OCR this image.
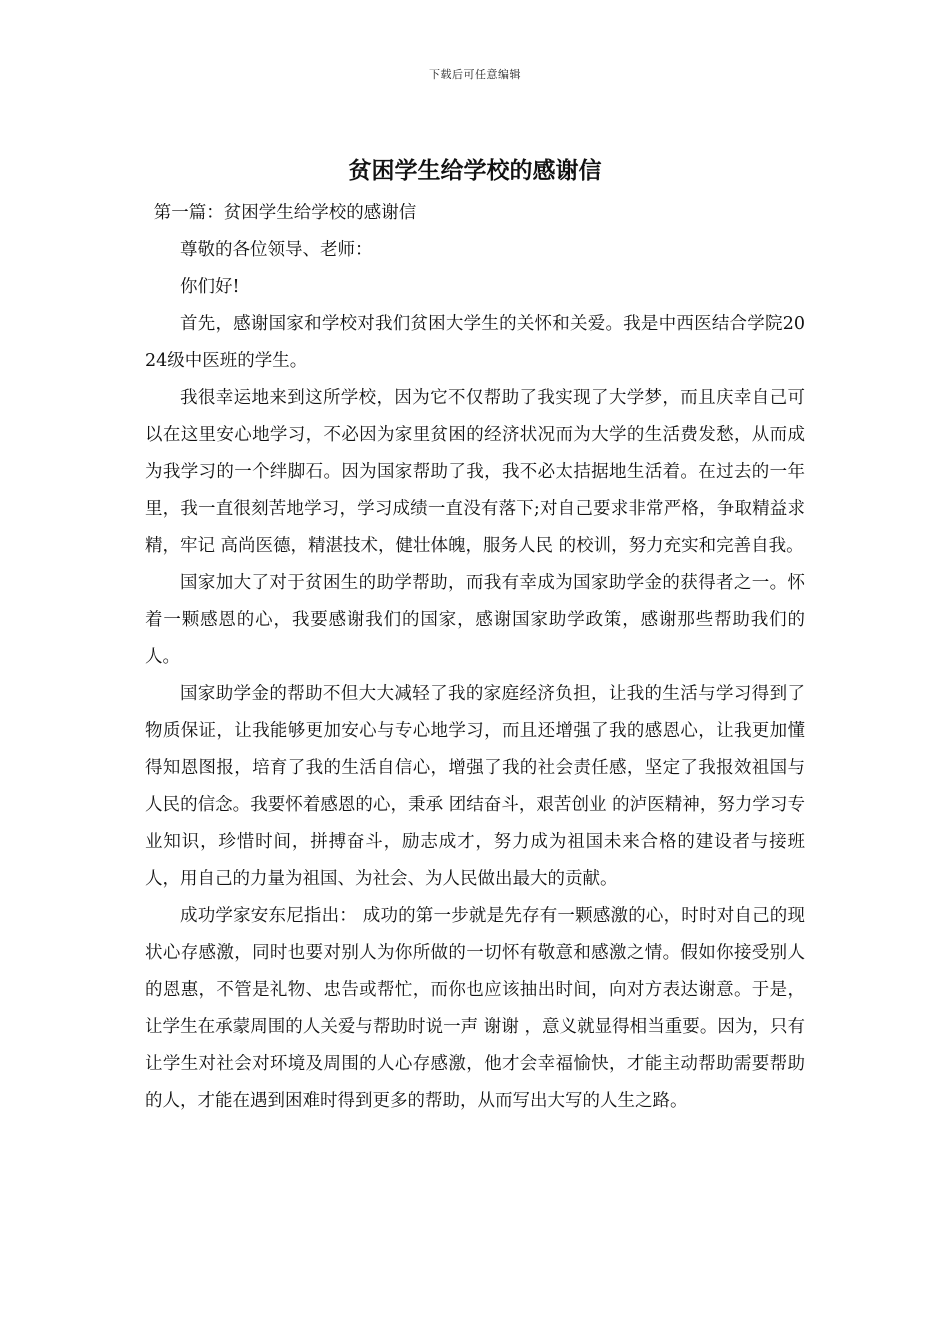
下载后可任意编辑
贫困学生给学校的感谢信

第一篇：贫困学生给学校的感谢信

尊敬的各位领导、老师：

你们好!

首先，感谢国家和学校对我们贫困大学生的关怀和关爱。我是中西医结合学院2024级中医班的学生。

我很幸运地来到这所学校，因为它不仅帮助了我实现了大学梦，而且庆幸自己可以在这里安心地学习，不必因为家里贫困的经济状况而为大学的生活费发愁，从而成为我学习的一个绊脚石。因为国家帮助了我，我不必太拮据地生活着。在过去的一年里，我一直很刻苦地学习，学习成绩一直没有落下;对自己要求非常严格，争取精益求精，牢记 高尚医德，精湛技术，健壮体魄，服务人民 的校训，努力充实和完善自我。

国家加大了对于贫困生的助学帮助，而我有幸成为国家助学金的获得者之一。怀着一颗感恩的心，我要感谢我们的国家，感谢国家助学政策，感谢那些帮助我们的人。

国家助学金的帮助不但大大减轻了我的家庭经济负担，让我的生活与学习得到了物质保证，让我能够更加安心与专心地学习，而且还增强了我的感恩心，让我更加懂得知恩图报，培育了我的生活自信心，增强了我的社会责任感，坚定了我报效祖国与人民的信念。我要怀着感恩的心，秉承 团结奋斗，艰苦创业 的泸医精神，努力学习专业知识，珍惜时间，拼搏奋斗，励志成才，努力成为祖国未来合格的建设者与接班人，用自己的力量为祖国、为社会、为人民做出最大的贡献。

成功学家安东尼指出： 成功的第一步就是先存有一颗感激的心，时时对自己的现状心存感激，同时也要对别人为你所做的一切怀有敬意和感激之情。假如你接受别人的恩惠，不管是礼物、忠告或帮忙，而你也应该抽出时间，向对方表达谢意。于是，让学生在承蒙周围的人关爱与帮助时说一声 谢谢 ，意义就显得相当重要。因为，只有让学生对社会对环境及周围的人心存感激，他才会幸福愉快，才能主动帮助需要帮助的人，才能在遇到困难时得到更多的帮助，从而写出大写的人生之路。
